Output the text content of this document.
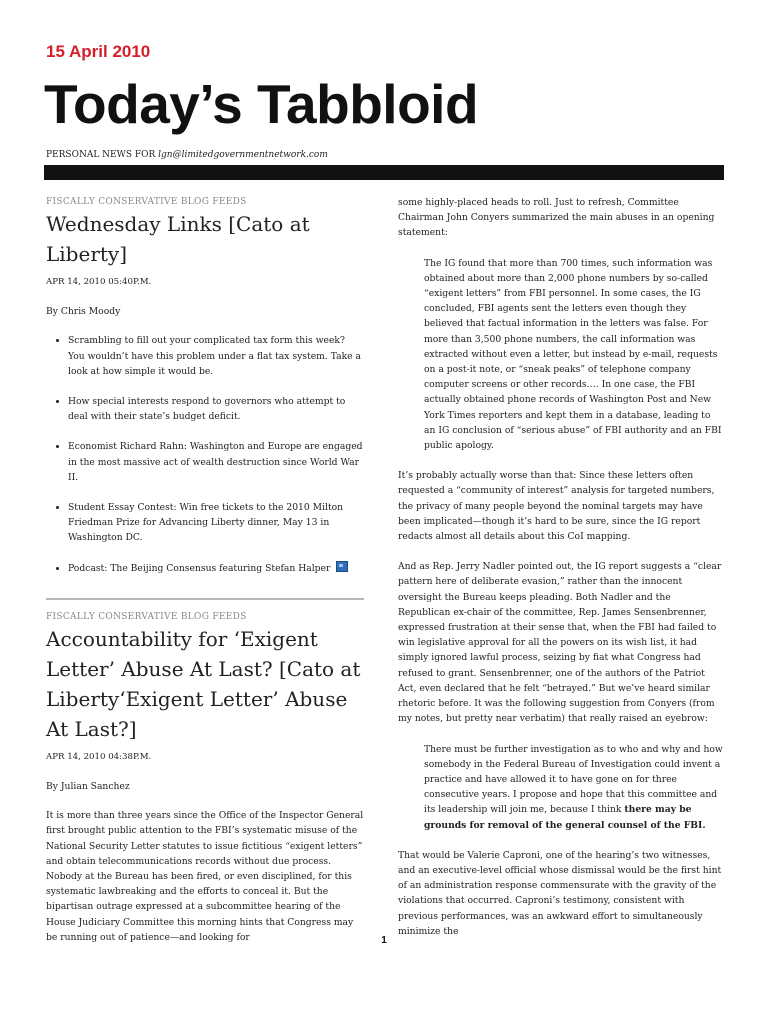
15 April 2010
Today’s Tabbloid
PERSONAL NEWS FOR lgn@limitedgovernmentnetwork.com
FISCALLY CONSERVATIVE BLOG FEEDS
Wednesday Links [Cato at Liberty]
APR 14, 2010 05:40P.M.
By Chris Moody
• Scrambling to fill out your complicated tax form this week? You wouldn’t have this problem under a flat tax system. Take a look at how simple it would be.
• How special interests respond to governors who attempt to deal with their state’s budget deficit.
• Economist Richard Rahn: Washington and Europe are engaged in the most massive act of wealth destruction since World War II.
• Student Essay Contest: Win free tickets to the 2010 Milton Friedman Prize for Advancing Liberty dinner, May 13 in Washington DC.
• Podcast: The Beijing Consensus featuring Stefan Halper
FISCALLY CONSERVATIVE BLOG FEEDS
Accountability for ‘Exigent Letter’ Abuse At Last? [Cato at Liberty‘Exigent Letter’ Abuse At Last?]
APR 14, 2010 04:38P.M.
By Julian Sanchez

It is more than three years since the Office of the Inspector General first brought public attention to the FBI’s systematic misuse of the National Security Letter statutes to issue fictitious “exigent letters” and obtain telecommunications records without due process. Nobody at the Bureau has been fired, or even disciplined, for this systematic lawbreaking and the efforts to conceal it. But the bipartisan outrage expressed at a subcommittee hearing of the House Judiciary Committee this morning hints that Congress may be running out of patience—and looking for

some highly-placed heads to roll. Just to refresh, Committee Chairman John Conyers summarized the main abuses in an opening statement:

The IG found that more than 700 times, such information was obtained about more than 2,000 phone numbers by so-called “exigent letters” from FBI personnel. In some cases, the IG concluded, FBI agents sent the letters even though they believed that factual information in the letters was false. For more than 3,500 phone numbers, the call information was extracted without even a letter, but instead by e-mail, requests on a post-it note, or “sneak peaks” of telephone company computer screens or other records…. In one case, the FBI actually obtained phone records of Washington Post and New York Times reporters and kept them in a database, leading to an IG conclusion of “serious abuse” of FBI authority and an FBI public apology.

It’s probably actually worse than that: Since these letters often requested a “community of interest” analysis for targeted numbers, the privacy of many people beyond the nominal targets may have been implicated—though it’s hard to be sure, since the IG report redacts almost all details about this CoI mapping.

And as Rep. Jerry Nadler pointed out, the IG report suggests a “clear pattern here of deliberate evasion,” rather than the innocent oversight the Bureau keeps pleading. Both Nadler and the Republican ex-chair of the committee, Rep. James Sensenbrenner, expressed frustration at their sense that, when the FBI had failed to win legislative approval for all the powers on its wish list, it had simply ignored lawful process, seizing by fiat what Congress had refused to grant. Sensenbrenner, one of the authors of the Patriot Act, even declared that he felt “betrayed.” But we’ve heard similar rhetoric before. It was the following suggestion from Conyers (from my notes, but pretty near verbatim) that really raised an eyebrow:

There must be further investigation as to who and why and how somebody in the Federal Bureau of Investigation could invent a practice and have allowed it to have gone on for three consecutive years. I propose and hope that this committee and its leadership will join me, because I think there may be grounds for removal of the general counsel of the FBI.

That would be Valerie Caproni, one of the hearing’s two witnesses, and an executive-level official whose dismissal would be the first hint of an administration response commensurate with the gravity of the violations that occurred. Caproni’s testimony, consistent with previous performances, was an awkward effort to simultaneously minimize the

1
